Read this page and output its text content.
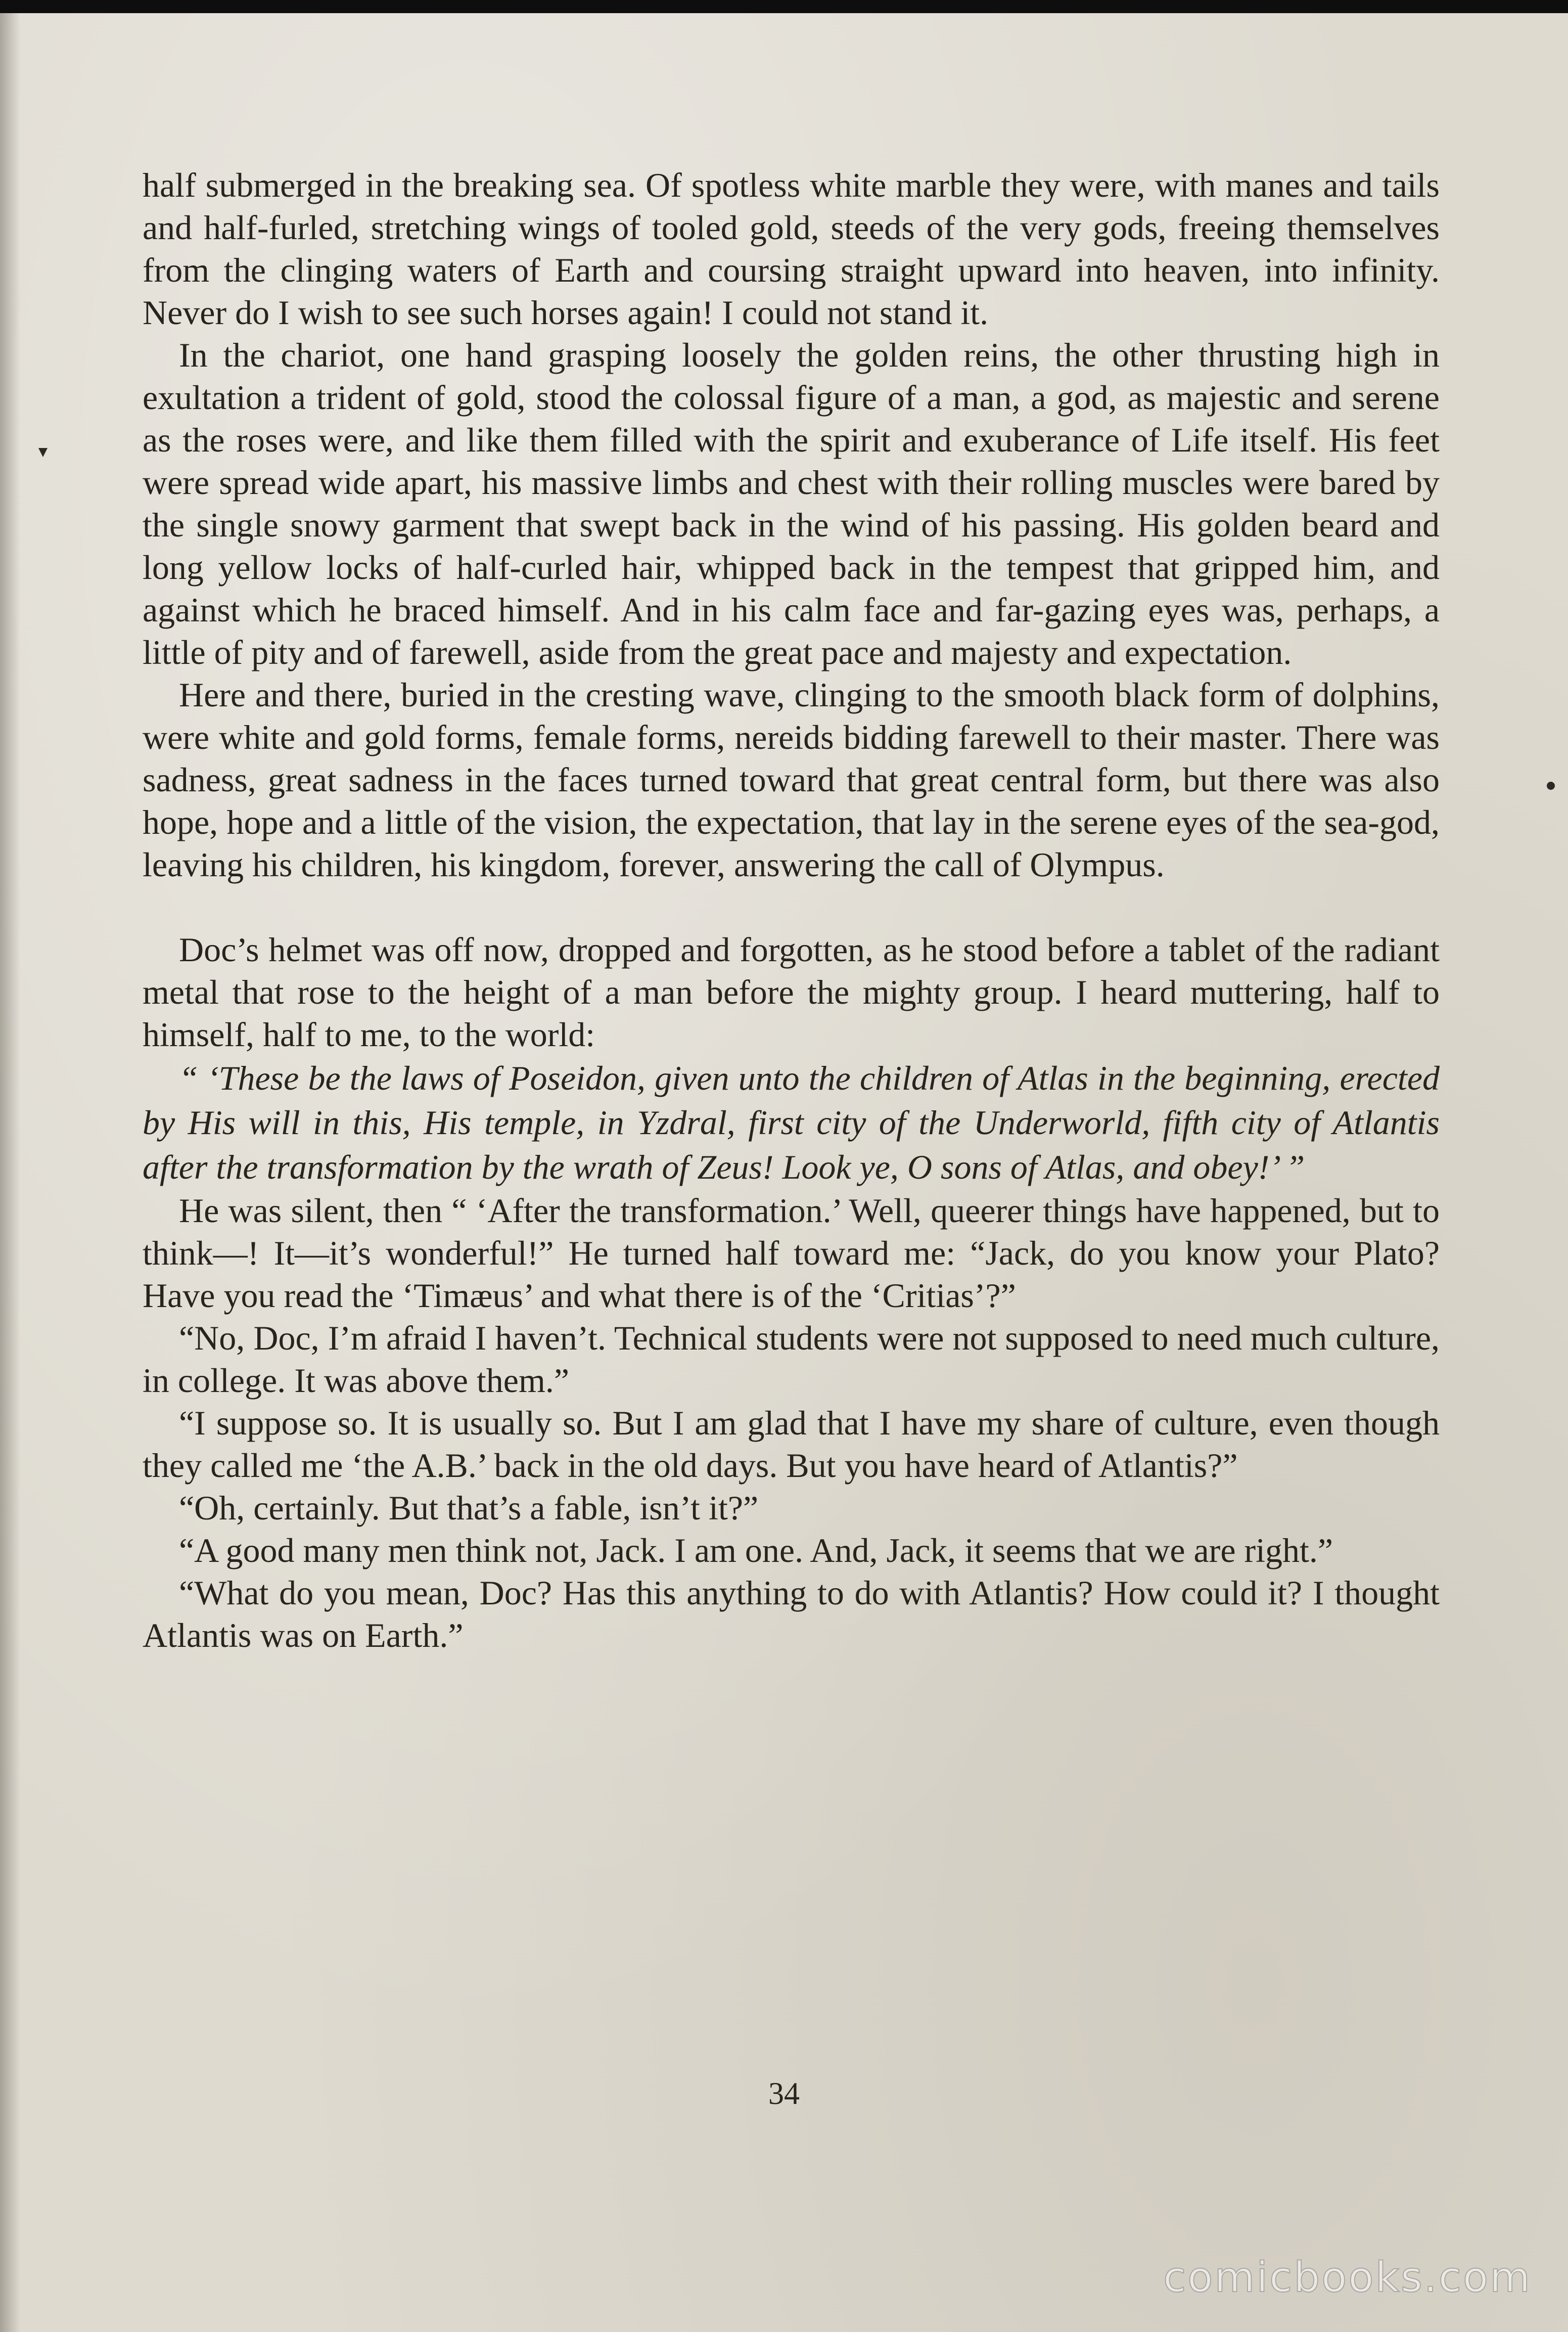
half submerged in the breaking sea. Of spotless white marble they were, with manes and tails and half-furled, stretching wings of tooled gold, steeds of the very gods, freeing themselves from the clinging waters of Earth and coursing straight upward into heaven, into infinity. Never do I wish to see such horses again! I could not stand it.

In the chariot, one hand grasping loosely the golden reins, the other thrusting high in exultation a trident of gold, stood the colossal figure of a man, a god, as majestic and serene as the roses were, and like them filled with the spirit and exuberance of Life itself. His feet were spread wide apart, his massive limbs and chest with their rolling muscles were bared by the single snowy garment that swept back in the wind of his passing. His golden beard and long yellow locks of half-curled hair, whipped back in the tempest that gripped him, and against which he braced himself. And in his calm face and far-gazing eyes was, perhaps, a little of pity and of farewell, aside from the great pace and majesty and expectation.

Here and there, buried in the cresting wave, clinging to the smooth black form of dolphins, were white and gold forms, female forms, nereids bidding farewell to their master. There was sadness, great sadness in the faces turned toward that great central form, but there was also hope, hope and a little of the vision, the expectation, that lay in the serene eyes of the sea-god, leaving his children, his kingdom, forever, answering the call of Olympus.

Doc’s helmet was off now, dropped and forgotten, as he stood before a tablet of the radiant metal that rose to the height of a man before the mighty group. I heard muttering, half to himself, half to me, to the world:

“ ‘These be the laws of Poseidon, given unto the children of Atlas in the beginning, erected by His will in this, His temple, in Yzdral, first city of the Underworld, fifth city of Atlantis after the transformation by the wrath of Zeus! Look ye, O sons of Atlas, and obey!’ ”

He was silent, then “ ‘After the transformation.’ Well, queerer things have happened, but to think—! It—it’s wonderful!” He turned half toward me: “Jack, do you know your Plato? Have you read the ‘Timæus’ and what there is of the ‘Critias’?”

“No, Doc, I’m afraid I haven’t. Technical students were not supposed to need much culture, in college. It was above them.”

“I suppose so. It is usually so. But I am glad that I have my share of culture, even though they called me ‘the A.B.’ back in the old days. But you have heard of Atlantis?”

“Oh, certainly. But that’s a fable, isn’t it?”

“A good many men think not, Jack. I am one. And, Jack, it seems that we are right.”

“What do you mean, Doc? Has this anything to do with Atlantis? How could it? I thought Atlantis was on Earth.”

34
comicbooks.com
